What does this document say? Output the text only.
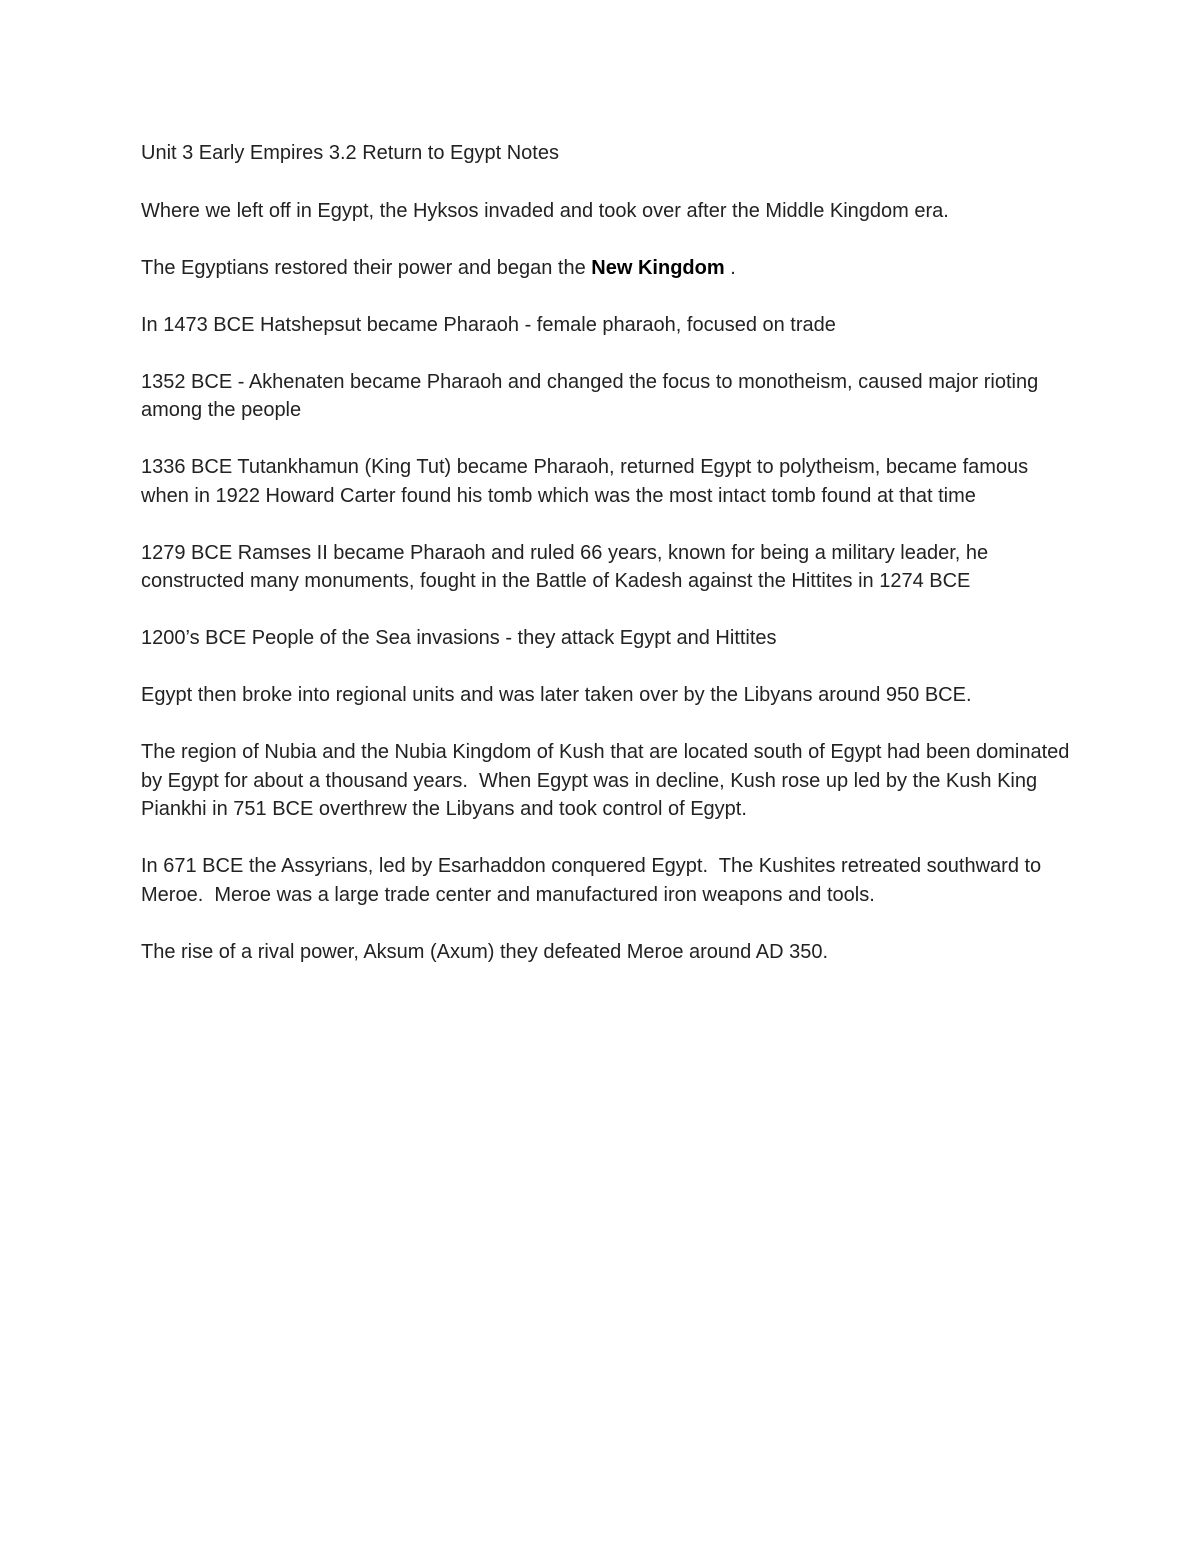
Unit 3 Early Empires 3.2 Return to Egypt Notes

Where we left off in Egypt, the Hyksos invaded and took over after the Middle Kingdom era.

The Egyptians restored their power and began the New Kingdom .

In 1473 BCE Hatshepsut became Pharaoh - female pharaoh, focused on trade

1352 BCE - Akhenaten became Pharaoh and changed the focus to monotheism, caused major rioting among the people

1336 BCE Tutankhamun (King Tut) became Pharaoh, returned Egypt to polytheism, became famous when in 1922 Howard Carter found his tomb which was the most intact tomb found at that time

1279 BCE Ramses II became Pharaoh and ruled 66 years, known for being a military leader, he constructed many monuments, fought in the Battle of Kadesh against the Hittites in 1274 BCE

1200’s BCE People of the Sea invasions - they attack Egypt and Hittites

Egypt then broke into regional units and was later taken over by the Libyans around 950 BCE.

The region of Nubia and the Nubia Kingdom of Kush that are located south of Egypt had been dominated by Egypt for about a thousand years.  When Egypt was in decline, Kush rose up led by the Kush King Piankhi in 751 BCE overthrew the Libyans and took control of Egypt.

In 671 BCE the Assyrians, led by Esarhaddon conquered Egypt.  The Kushites retreated southward to Meroe.  Meroe was a large trade center and manufactured iron weapons and tools.

The rise of a rival power, Aksum (Axum) they defeated Meroe around AD 350.
